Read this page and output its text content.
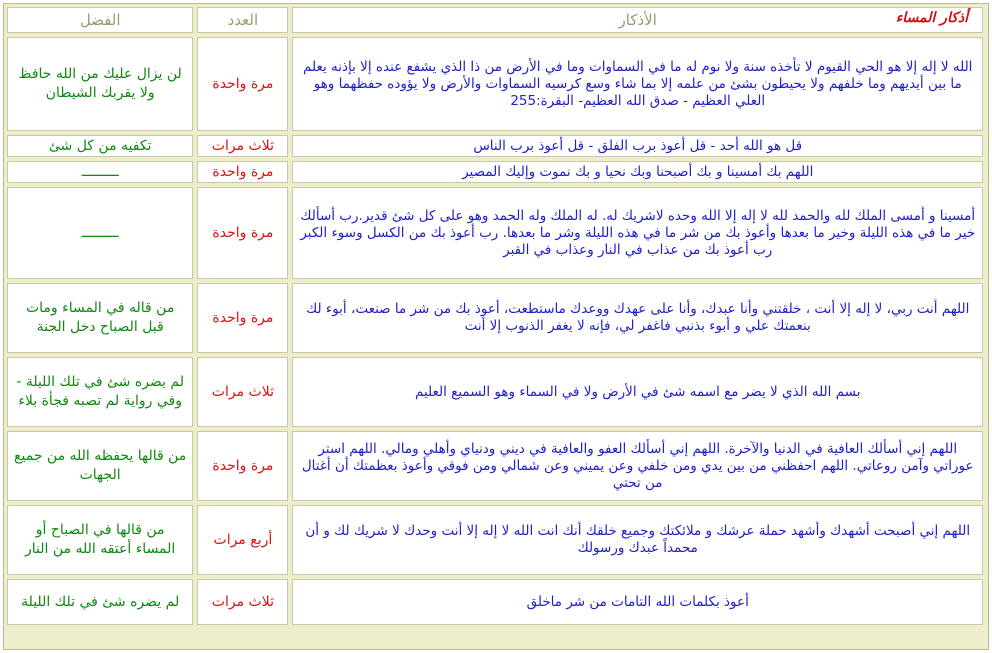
أذكار المساء
الأذكار	العدد	الفضل
الله لا إله إلا هو الحي القيوم لا تأخذه سنة ولا نوم له ما في السماوات وما في الأرض من ذا الذي يشفع عنده إلا بإذنه يعلم ما بين أيديهم وما خلفهم ولا يحيطون بشئ من علمه إلا بما شاء وسع كرسيه السماوات والأرض ولا يؤوده حفظهما وهو العلي العظيم - صدق الله العظيم- البقرة:255	مرة واحدة	لن يزال عليك من الله حافظ ولا يقربك الشيطان
قل هو الله أحد - قل أعوذ برب الفلق - قل أعوذ برب الناس	ثلاث مرات	تكفيه من كل شئ
اللهم بك أمسينا و بك أصبحنا وبك نحيا و بك نموت وإليك المصير	مرة واحدة	ـــــــــ
أمسينا و أمسى الملك لله والحمد لله لا إله إلا الله وحده لاشريك له. له الملك وله الحمد وهو على كل شئ قدير.رب أسألك خير ما في هذه الليلة وخير ما بعدها وأعوذ بك من شر ما في هذه الليلة وشر ما بعدها. رب أعوذ بك من الكسل وسوء الكبر رب أعوذ بك من عذاب في النار وعذاب في القبر	مرة واحدة	ـــــــــ
اللهم أنت ربي، لا إله إلا أنت ، خلقتني وأنا عبدك، وأنا على عهدك ووعدك ماستطعت، أعوذ بك من شر ما صنعت، أبوء لك بنعمتك علي و أبوء بذنبي فاغفر لي، فإنه لا يغفر الذنوب إلا أنت	مرة واحدة	من قاله في المساء ومات قبل الصباح دخل الجنة
بسم الله الذي لا يضر مع اسمه شئ في الأرض ولا في السماء وهو السميع العليم	ثلاث مرات	لم يضره شئ في تلك الليلة - وفي رواية لم تصبه فجأة بلاء
اللهم إني أسألك العافية في الدنيا والآخرة. اللهم إني أسألك العفو والعافية في ديني ودنياي وأهلي ومالي. اللهم استر عوراتي وآمن روعاتي. اللهم احفظني من بين يدي ومن خلفي وعن يميني وعن شمالي ومن فوقي وأعوذ بعظمتك أن أغتال من تحتي	مرة واحدة	من قالها يحفظه الله من جميع الجهات
اللهم إني أصبحت أشهدك وأشهد حملة عرشك و ملائكتك وجميع خلقك أنك انت الله لا إله إلا أنت وحدك لا شريك لك و أن محمداً عبدك ورسولك	أربع مرات	من قالها في الصباح أو المساء أعتقه الله من النار
أعوذ بكلمات الله التامات من شر ماخلق	ثلاث مرات	لم يضره شئ في تلك الليلة
